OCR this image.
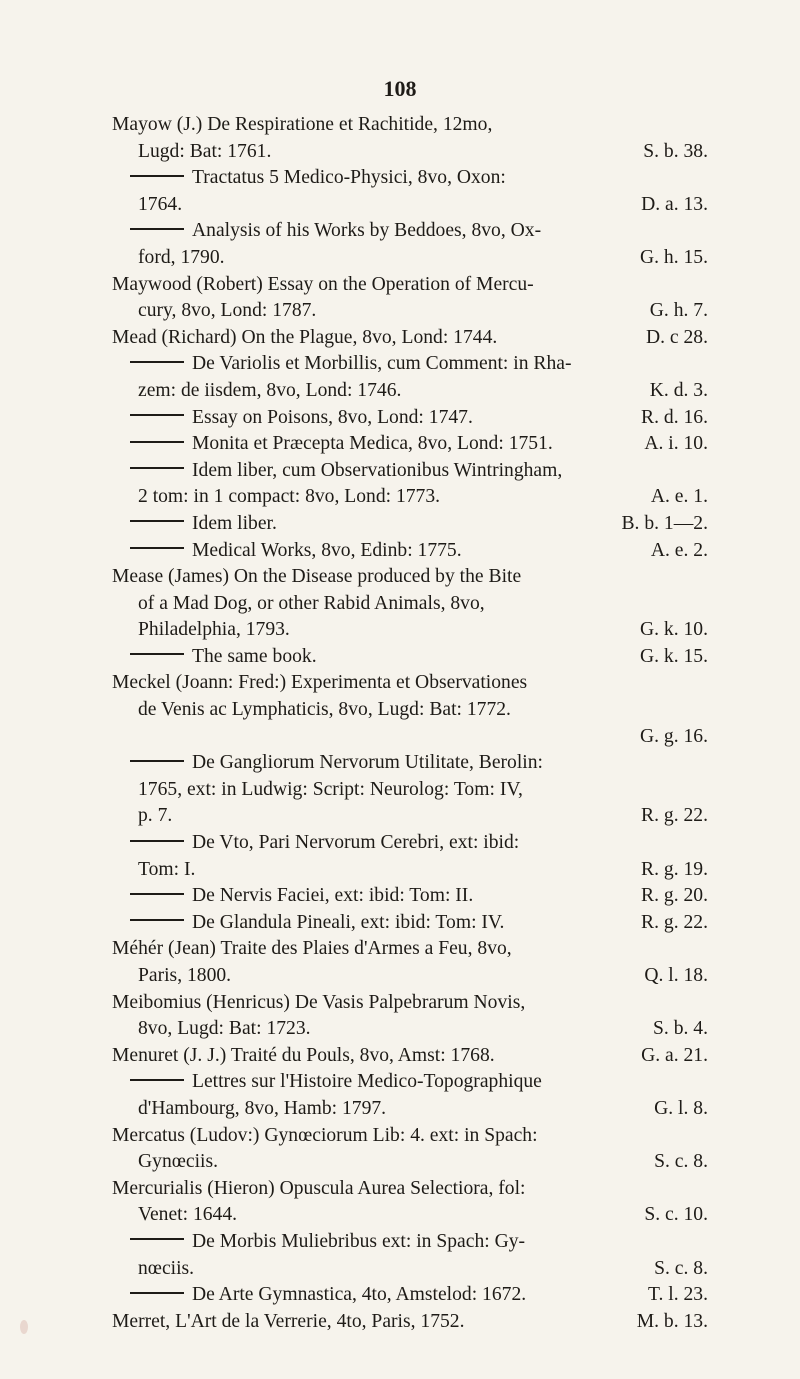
108
Mayow (J.) De Respiratione et Rachitide, 12mo,
Lugd: Bat: 1761.	S. b. 38.
Tractatus 5 Medico-Physici, 8vo, Oxon:
1764.	D. a. 13.
Analysis of his Works by Beddoes, 8vo, Ox-
ford, 1790.	G. h. 15.
Maywood (Robert) Essay on the Operation of Mercu-
cury, 8vo, Lond: 1787.	G. h. 7.
Mead (Richard) On the Plague, 8vo, Lond: 1744.	D. c 28.
De Variolis et Morbillis, cum Comment: in Rha-
zem: de iisdem, 8vo, Lond: 1746.	K. d. 3.
Essay on Poisons, 8vo, Lond: 1747.	R. d. 16.
Monita et Præcepta Medica, 8vo, Lond: 1751.	A. i. 10.
Idem liber, cum Observationibus Wintringham,
2 tom: in 1 compact: 8vo, Lond: 1773.	A. e. 1.
Idem liber.	B. b. 1—2.
Medical Works, 8vo, Edinb: 1775.	A. e. 2.
Mease (James) On the Disease produced by the Bite
of a Mad Dog, or other Rabid Animals, 8vo,
Philadelphia, 1793.	G. k. 10.
The same book.	G. k. 15.
Meckel (Joann: Fred:) Experimenta et Observationes
de Venis ac Lymphaticis, 8vo, Lugd: Bat: 1772.
G. g. 16.
De Gangliorum Nervorum Utilitate, Berolin:
1765, ext: in Ludwig: Script: Neurolog: Tom: IV,
p. 7.	R. g. 22.
De Vto, Pari Nervorum Cerebri, ext: ibid:
Tom: I.	R. g. 19.
De Nervis Faciei, ext: ibid: Tom: II.	R. g. 20.
De Glandula Pineali, ext: ibid: Tom: IV.	R. g. 22.
Méhér (Jean) Traite des Plaies d'Armes a Feu, 8vo,
Paris, 1800.	Q. l. 18.
Meibomius (Henricus) De Vasis Palpebrarum Novis,
8vo, Lugd: Bat: 1723.	S. b. 4.
Menuret (J. J.) Traité du Pouls, 8vo, Amst: 1768.	G. a. 21.
Lettres sur l'Histoire Medico-Topographique
d'Hambourg, 8vo, Hamb: 1797.	G. l. 8.
Mercatus (Ludov:) Gynœciorum Lib: 4. ext: in Spach:
Gynœciis.	S. c. 8.
Mercurialis (Hieron) Opuscula Aurea Selectiora, fol:
Venet: 1644.	S. c. 10.
De Morbis Muliebribus ext: in Spach: Gy-
nœciis.	S. c. 8.
De Arte Gymnastica, 4to, Amstelod: 1672.	T. l. 23.
Merret, L'Art de la Verrerie, 4to, Paris, 1752.	M. b. 13.
